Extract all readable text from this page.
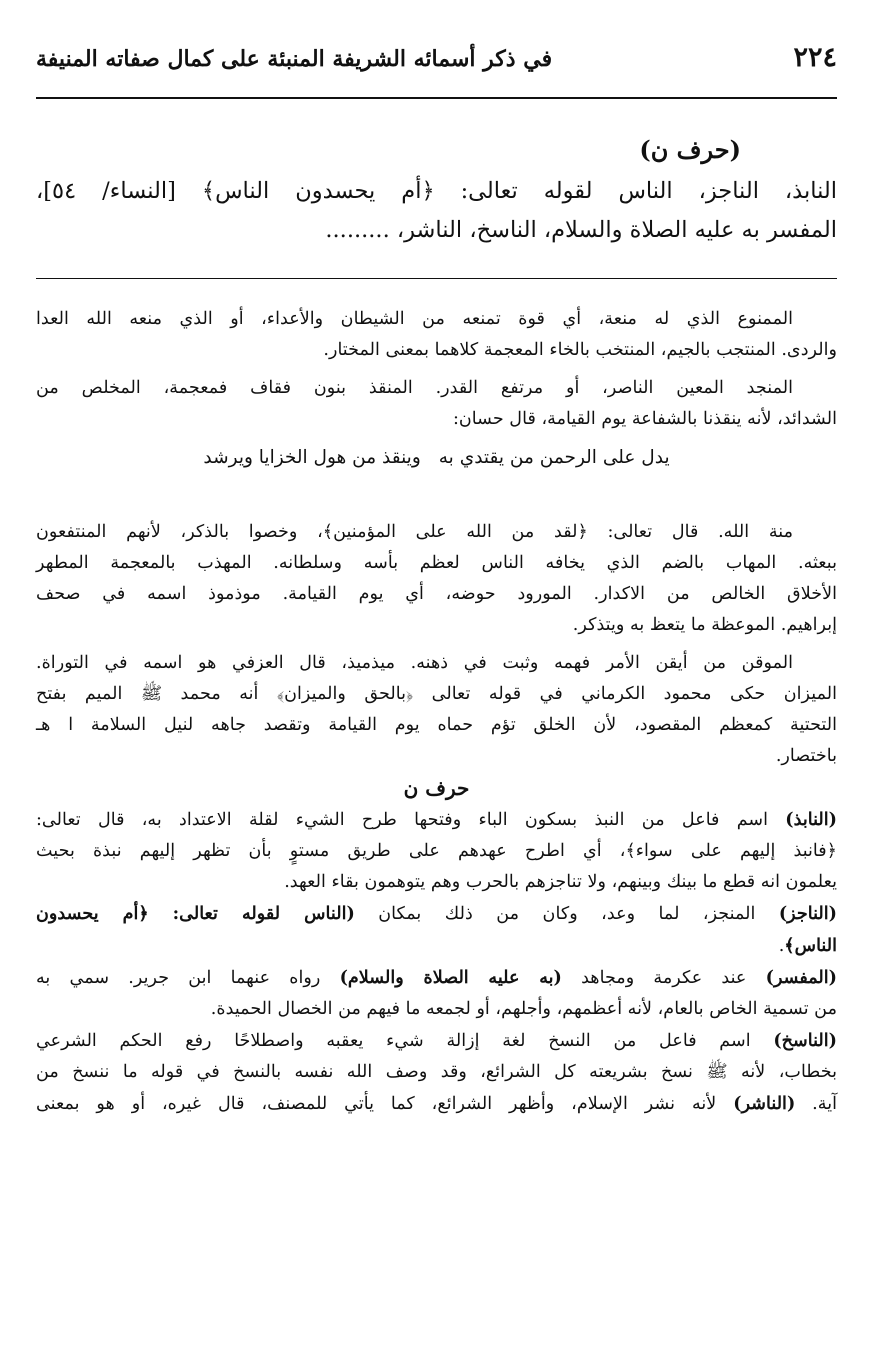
٢٢٤
في ذكر أسمائه الشريفة المنبئة على كمال صفاته المنيفة

(حرف ن)

النابذ، الناجز، الناس لقوله تعالى: ﴿أم يحسدون الناس﴾ [النساء/ ٥٤]،

المفسر به عليه الصلاة والسلام، الناسخ، الناشر، .........

الممنوع الذي له منعة، أي قوة تمنعه من الشيطان والأعداء، أو الذي منعه الله العدا
والردى. المنتجب بالجيم، المنتخب بالخاء المعجمة كلاهما بمعنى المختار.

المنجد المعين الناصر، أو مرتفع القدر. المنقذ بنون فقاف فمعجمة، المخلص من
الشدائد، لأنه ينقذنا بالشفاعة يوم القيامة، قال حسان:

يدل على الرحمن من يقتدي به
وينقذ من هول الخزايا ويرشد

منة الله. قال تعالى: ﴿لقد من الله على المؤمنين﴾، وخصوا بالذكر، لأنهم المنتفعون
ببعثه. المهاب بالضم الذي يخافه الناس لعظم بأسه وسلطانه. المهذب بالمعجمة المطهر
الأخلاق الخالص من الاكدار. المورود حوضه، أي يوم القيامة. موذموذ اسمه في صحف
إبراهيم. الموعظة ما يتعظ به ويتذكر.

الموقن من أيقن الأمر فهمه وثبت في ذهنه. ميذميذ، قال العزفي هو اسمه في التوراة.
الميزان حكى محمود الكرماني في قوله تعالى ﴿بالحق والميزان﴾ أنه محمد ﷺ الميم بفتح
التحتية كمعظم المقصود، لأن الخلق تؤم حماه يوم القيامة وتقصد جاهه لنيل السلامة ا هـ
باختصار.

حرف ن

(النابذ) اسم فاعل من النبذ بسكون الباء وفتحها طرح الشيء لقلة الاعتداد به، قال تعالى:
﴿فانبذ إليهم على سواء﴾، أي اطرح عهدهم على طريق مستوٍ بأن تظهر إليهم نبذة بحيث
يعلمون انه قطع ما بينك وبينهم، ولا تناجزهم بالحرب وهم يتوهمون بقاء العهد.

(الناجز) المنجز، لما وعد، وكان من ذلك بمكان (الناس لقوله تعالى: ﴿أم يحسدون
الناس﴾.

(المفسر) عند عكرمة ومجاهد (به عليه الصلاة والسلام) رواه عنهما ابن جرير. سمي به
من تسمية الخاص بالعام، لأنه أعظمهم، وأجلهم، أو لجمعه ما فيهم من الخصال الحميدة.

(الناسخ) اسم فاعل من النسخ لغة إزالة شيء يعقبه واصطلاحًا رفع الحكم الشرعي
بخطاب، لأنه ﷺ نسخ بشريعته كل الشرائع، وقد وصف الله نفسه بالنسخ في قوله ما ننسخ من
آية. (الناشر) لأنه نشر الإسلام، وأظهر الشرائع، كما يأتي للمصنف، قال غيره، أو هو بمعنى
